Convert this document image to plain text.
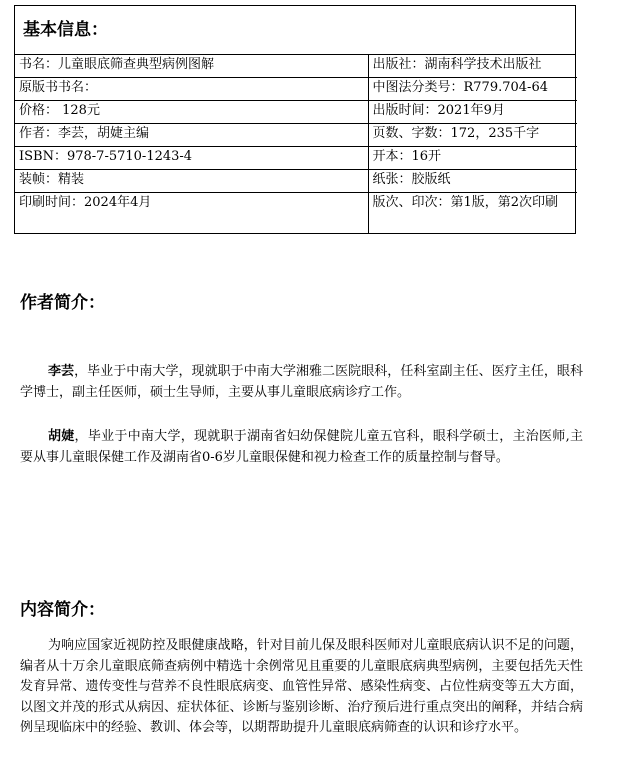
基本信息：
书名：儿童眼底筛查典型病例图解	出版社：湖南科学技术出版社
原版书书名：	中图法分类号：R779.704-64
价格： 128元	出版时间：2021年9月
作者：李芸，胡婕主编	页数、字数：172，235千字
ISBN：978-7-5710-1243-4	开本：16开
装帧：精装	纸张：胶版纸
印刷时间：2024年4月	版次、印次：第1版，第2次印刷
作者简介：

李芸，毕业于中南大学，现就职于中南大学湘雅二医院眼科，任科室副主任、医疗主任，眼科学博士，副主任医师，硕士生导师，主要从事儿童眼底病诊疗工作。

胡婕，毕业于中南大学，现就职于湖南省妇幼保健院儿童五官科，眼科学硕士，主治医师,主要从事儿童眼保健工作及湖南省0-6岁儿童眼保健和视力检查工作的质量控制与督导。

内容简介：

为响应国家近视防控及眼健康战略，针对目前儿保及眼科医师对儿童眼底病认识不足的问题，编者从十万余儿童眼底筛查病例中精选十余例常见且重要的儿童眼底病典型病例，主要包括先天性发育异常、遗传变性与营养不良性眼底病变、血管性异常、感染性病变、占位性病变等五大方面，以图文并茂的形式从病因、症状体征、诊断与鉴别诊断、治疗预后进行重点突出的阐释，并结合病例呈现临床中的经验、教训、体会等，以期帮助提升儿童眼底病筛查的认识和诊疗水平。
